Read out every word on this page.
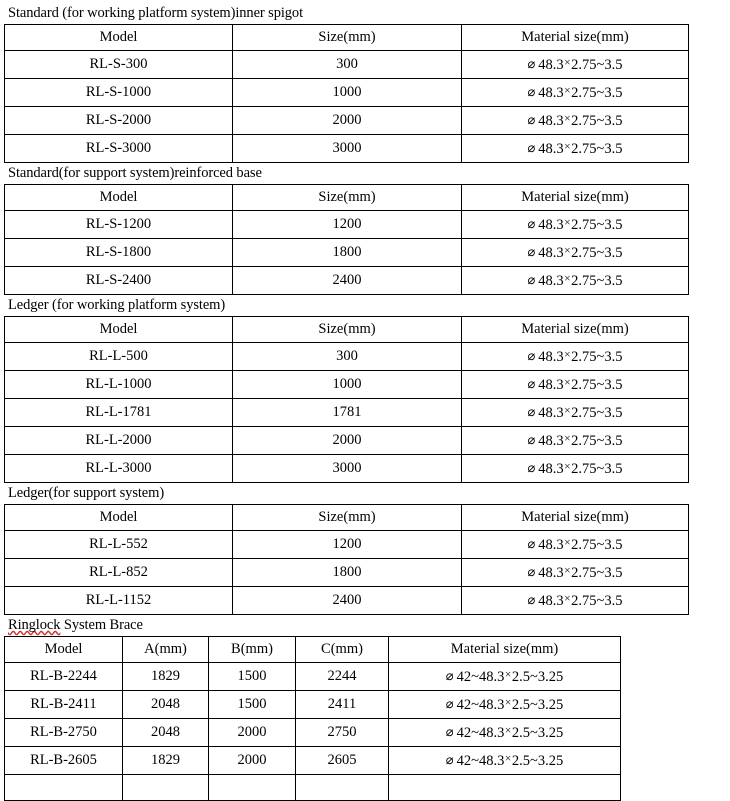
Standard (for working platform system)inner spigot
Model	Size(mm)	Material size(mm)
RL-S-300	300	⌀ 48.3×2.75~3.5
RL-S-1000	1000	⌀ 48.3×2.75~3.5
RL-S-2000	2000	⌀ 48.3×2.75~3.5
RL-S-3000	3000	⌀ 48.3×2.75~3.5
Standard(for support system)reinforced base
Model	Size(mm)	Material size(mm)
RL-S-1200	1200	⌀ 48.3×2.75~3.5
RL-S-1800	1800	⌀ 48.3×2.75~3.5
RL-S-2400	2400	⌀ 48.3×2.75~3.5
Ledger (for working platform system)
Model	Size(mm)	Material size(mm)
RL-L-500	300	⌀ 48.3×2.75~3.5
RL-L-1000	1000	⌀ 48.3×2.75~3.5
RL-L-1781	1781	⌀ 48.3×2.75~3.5
RL-L-2000	2000	⌀ 48.3×2.75~3.5
RL-L-3000	3000	⌀ 48.3×2.75~3.5
Ledger(for support system)
Model	Size(mm)	Material size(mm)
RL-L-552	1200	⌀ 48.3×2.75~3.5
RL-L-852	1800	⌀ 48.3×2.75~3.5
RL-L-1152	2400	⌀ 48.3×2.75~3.5
Ringlock System Brace
Model	A(mm)	B(mm)	C(mm)	Material size(mm)
RL-B-2244	1829	1500	2244	⌀ 42~48.3×2.5~3.25
RL-B-2411	2048	1500	2411	⌀ 42~48.3×2.5~3.25
RL-B-2750	2048	2000	2750	⌀ 42~48.3×2.5~3.25
RL-B-2605	1829	2000	2605	⌀ 42~48.3×2.5~3.25
